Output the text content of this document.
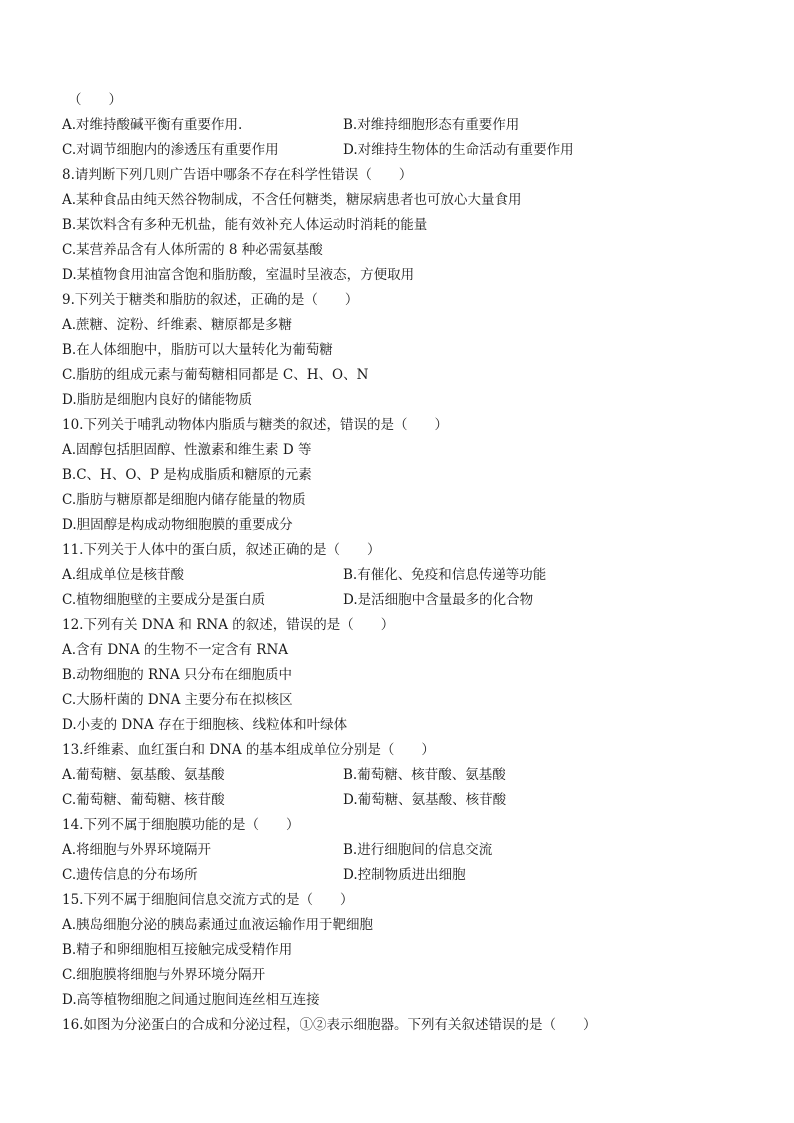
（　　）
A.对维持酸碱平衡有重要作用.	B.对维持细胞形态有重要作用
C.对调节细胞内的渗透压有重要作用	D.对维持生物体的生命活动有重要作用
8.请判断下列几则广告语中哪条不存在科学性错误（　　）
A.某种食品由纯天然谷物制成，不含任何糖类，糖尿病患者也可放心大量食用
B.某饮料含有多种无机盐，能有效补充人体运动时消耗的能量
C.某营养品含有人体所需的 8 种必需氨基酸
D.某植物食用油富含饱和脂肪酸，室温时呈液态，方便取用
9.下列关于糖类和脂肪的叙述，正确的是（　　）
A.蔗糖、淀粉、纤维素、糖原都是多糖
B.在人体细胞中，脂肪可以大量转化为葡萄糖
C.脂肪的组成元素与葡萄糖相同都是 C、H、O、N
D.脂肪是细胞内良好的储能物质
10.下列关于哺乳动物体内脂质与糖类的叙述，错误的是（　　）
A.固醇包括胆固醇、性激素和维生素 D 等
B.C、H、O、P 是构成脂质和糖原的元素
C.脂肪与糖原都是细胞内储存能量的物质
D.胆固醇是构成动物细胞膜的重要成分
11.下列关于人体中的蛋白质，叙述正确的是（　　）
A.组成单位是核苷酸	B.有催化、免疫和信息传递等功能
C.植物细胞壁的主要成分是蛋白质	D.是活细胞中含量最多的化合物
12.下列有关 DNA 和 RNA 的叙述，错误的是（　　）
A.含有 DNA 的生物不一定含有 RNA
B.动物细胞的 RNA 只分布在细胞质中
C.大肠杆菌的 DNA 主要分布在拟核区
D.小麦的 DNA 存在于细胞核、线粒体和叶绿体
13.纤维素、血红蛋白和 DNA 的基本组成单位分别是（　　）
A.葡萄糖、氨基酸、氨基酸	B.葡萄糖、核苷酸、氨基酸
C.葡萄糖、葡萄糖、核苷酸	D.葡萄糖、氨基酸、核苷酸
14.下列不属于细胞膜功能的是（　　）
A.将细胞与外界环境隔开	B.进行细胞间的信息交流
C.遗传信息的分布场所	D.控制物质进出细胞
15.下列不属于细胞间信息交流方式的是（　　）
A.胰岛细胞分泌的胰岛素通过血液运输作用于靶细胞
B.精子和卵细胞相互接触完成受精作用
C.细胞膜将细胞与外界环境分隔开
D.高等植物细胞之间通过胞间连丝相互连接
16.如图为分泌蛋白的合成和分泌过程，①②表示细胞器。下列有关叙述错误的是（　　）
